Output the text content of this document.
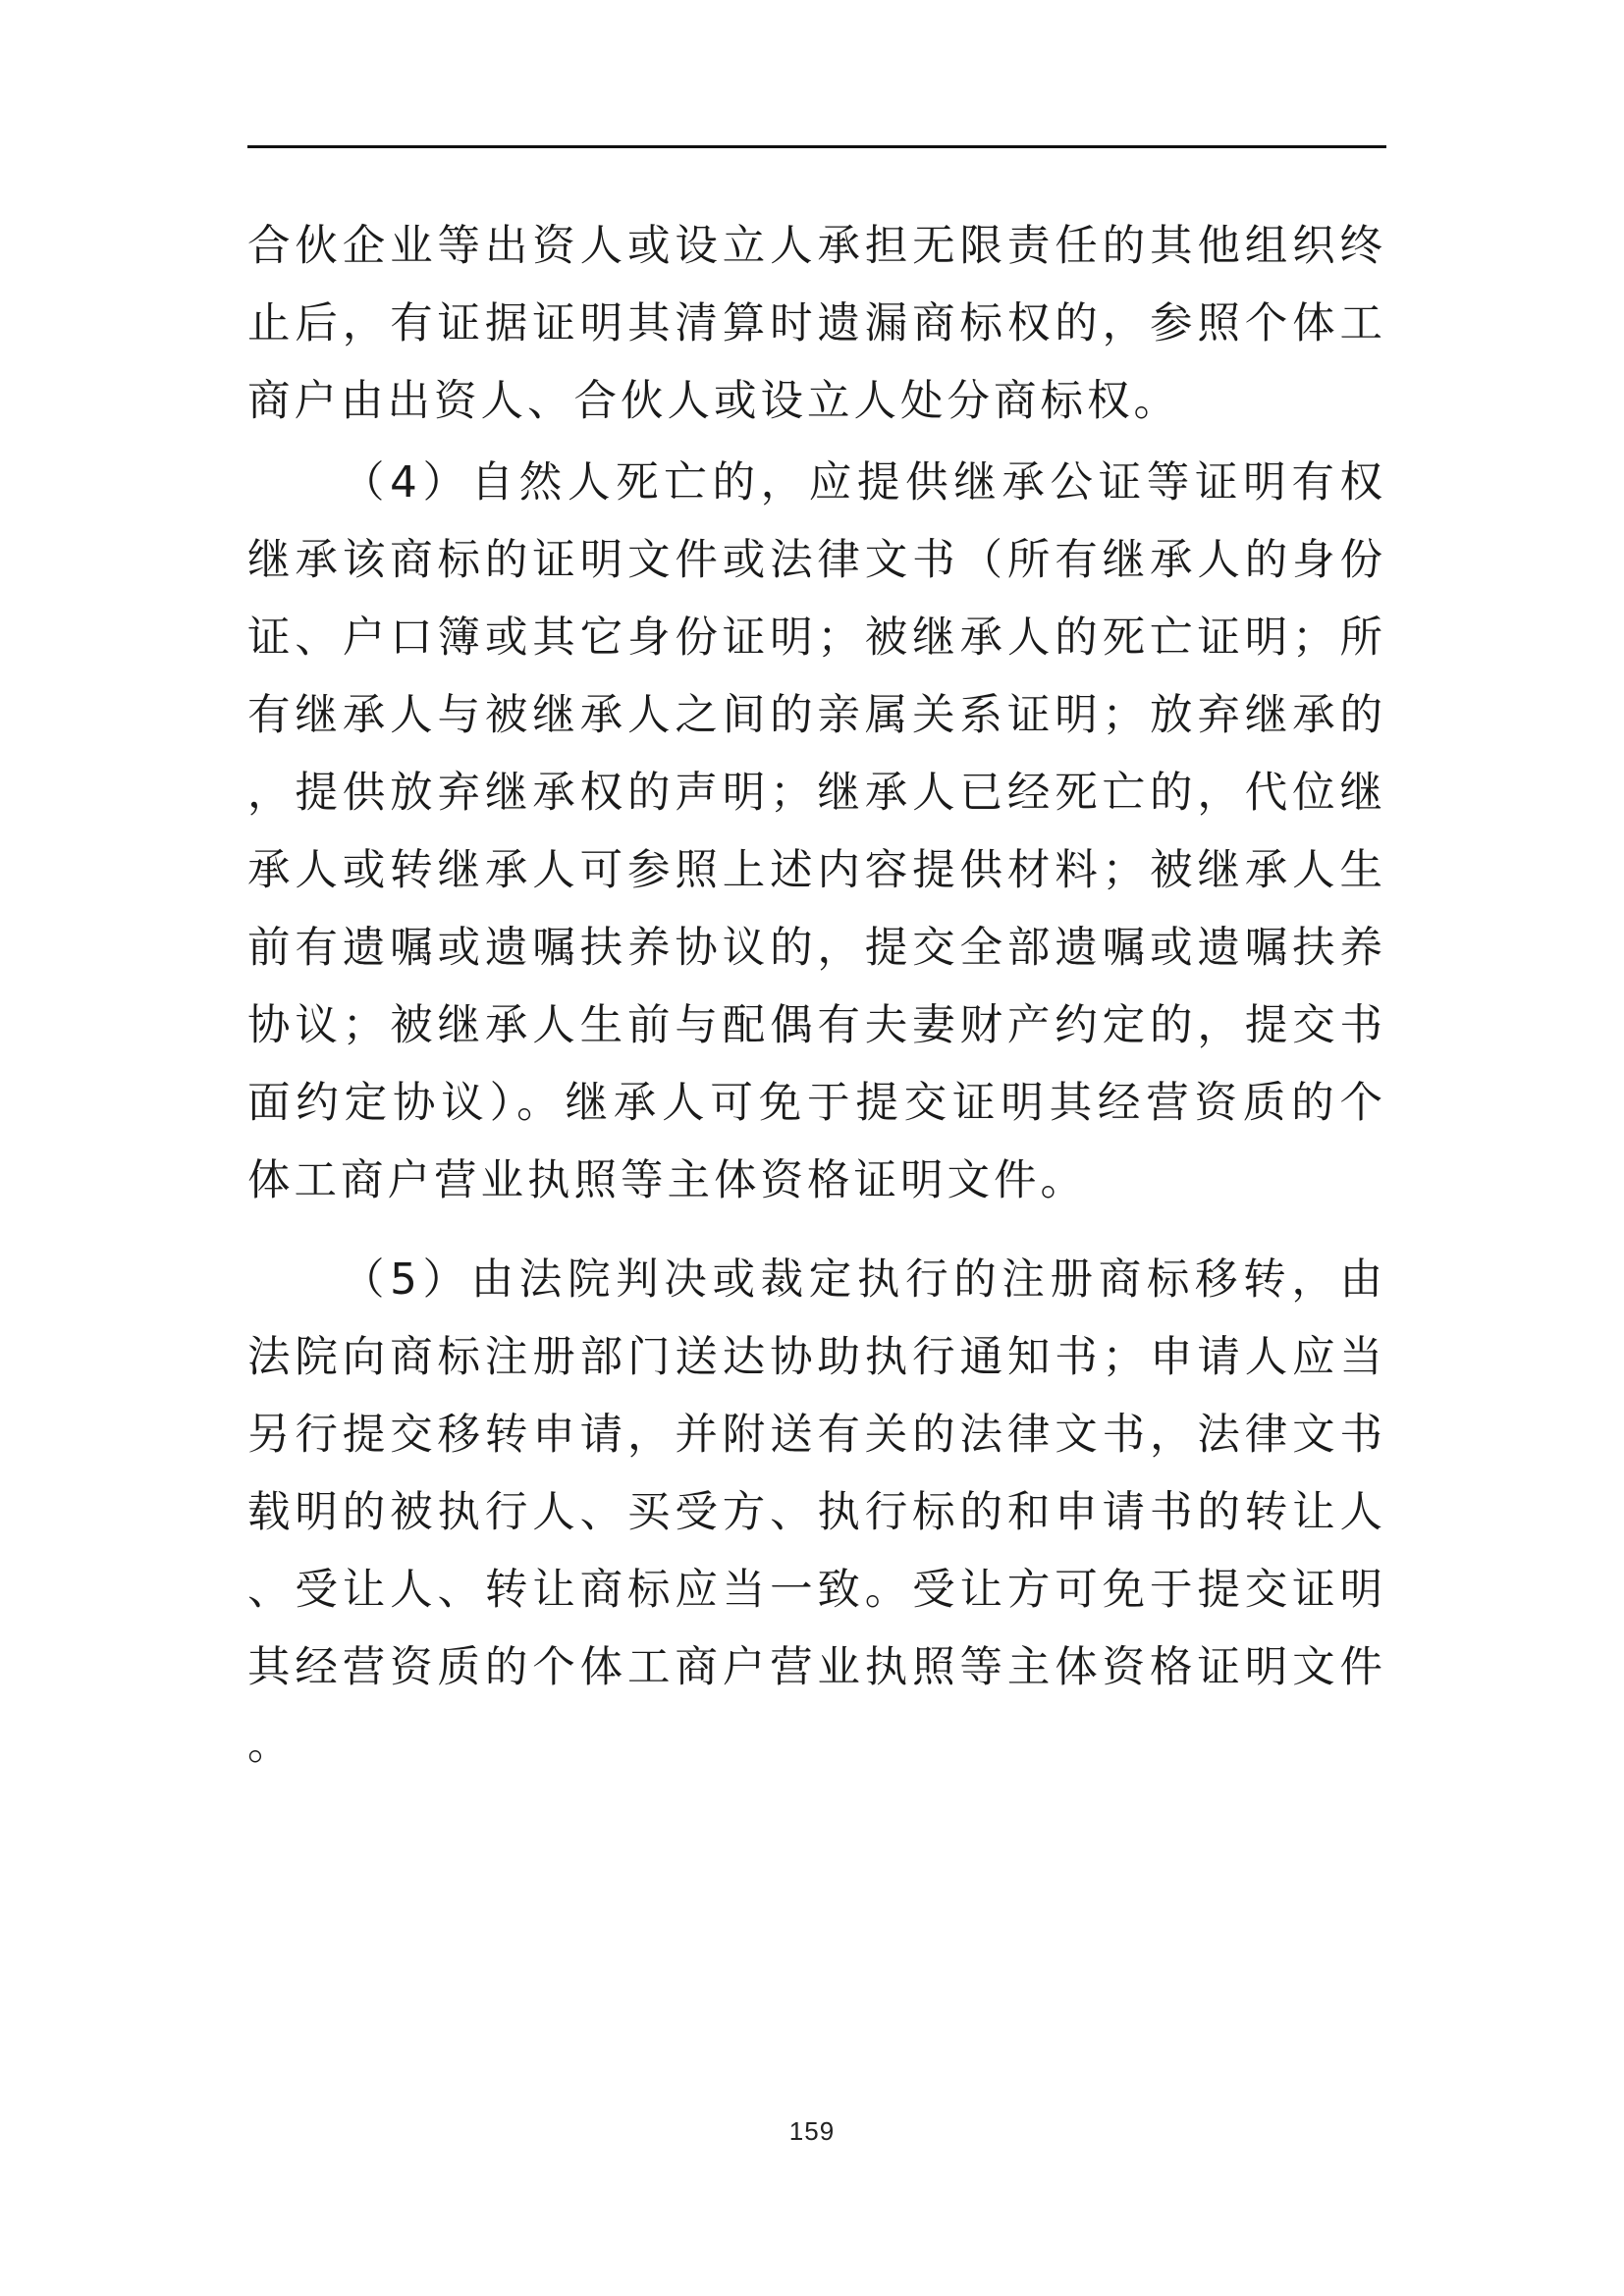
合伙企业等出资人或设立人承担无限责任的其他组织终止后，有证据证明其清算时遗漏商标权的，参照个体工商户由出资人、合伙人或设立人处分商标权。

（4）自然人死亡的，应提供继承公证等证明有权继承该商标的证明文件或法律文书（所有继承人的身份证、户口簿或其它身份证明；被继承人的死亡证明；所有继承人与被继承人之间的亲属关系证明；放弃继承的，提供放弃继承权的声明；继承人已经死亡的，代位继承人或转继承人可参照上述内容提供材料；被继承人生前有遗嘱或遗嘱扶养协议的，提交全部遗嘱或遗嘱扶养协议；被继承人生前与配偶有夫妻财产约定的，提交书面约定协议）。继承人可免于提交证明其经营资质的个体工商户营业执照等主体资格证明文件。

（5）由法院判决或裁定执行的注册商标移转，由法院向商标注册部门送达协助执行通知书；申请人应当另行提交移转申请，并附送有关的法律文书，法律文书载明的被执行人、买受方、执行标的和申请书的转让人、受让人、转让商标应当一致。受让方可免于提交证明其经营资质的个体工商户营业执照等主体资格证明文件。

159
